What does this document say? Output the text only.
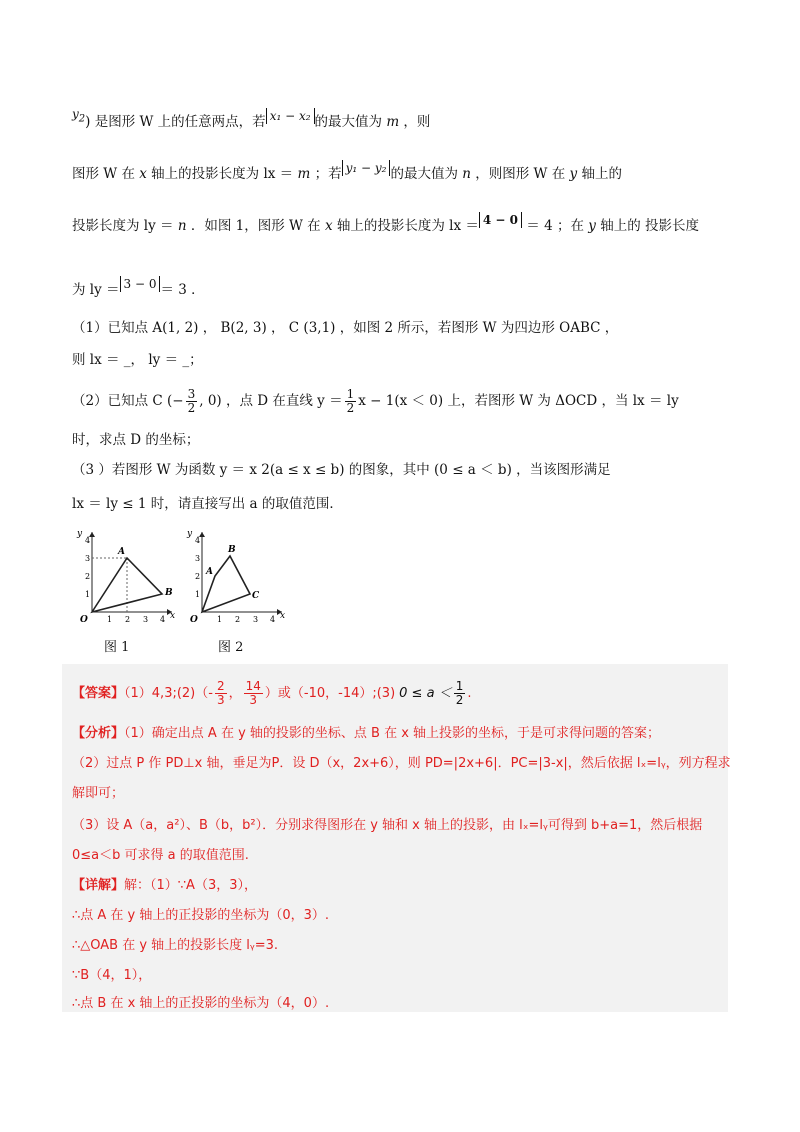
$y_2$) 是图形 W 上的任意两点，若 x₁ − x₂ 的最大值为 m ，则
图形 W 在 x 轴上的投影长度为 lx ＝ m ；若 y₁ − y₂ 的最大值为 n ，则图形 W 在 y 轴上的
投影长度为 ly ＝ n ．如图 1，图形 W 在 x 轴上的投影长度为 lx ＝ 4 − 0 ＝ 4 ；在 y 轴上的 投影长度
为 ly ＝ 3 − 0 ＝ 3 ．
（1）已知点 A(1, 2) ， B(2, 3) ， C (3,1) ，如图 2 所示，若图形 W 为四边形 OABC ，
则 lx ＝ _， ly ＝ _；
（2）已知点 C (− $\frac{3}{2}$ , 0) ，点 D 在直线 $y = \frac{1}{2}$ x − 1(x ＜ 0) 上，若图形 W 为 ΔOCD ，当 lx ＝ ly
时，求点 D 的坐标；
（3 ）若图形 W 为函数 y ＝ x 2(a ≤ x ≤ b) 的图象，其中 (0 ≤ a ＜ b) ，当该图形满足
lx ＝ ly ≤ 1 时，请直接写出 a 的取值范围．
y
x
O
A
B
1 2 3 4
1
2
3
4
y
x
O
A
B
C
1 2 3 4
1
2
3
4
图 1	图 2
【答案】（1）4,3;(2)（- $\frac{2}{3}$ ， $\frac{14}{3}$ ）或（-10，-14）;(3) $0 \le a < \frac{1}{2}$ .
【分析】（1）确定出点 A 在 y 轴的投影的坐标、点 B 在 x 轴上投影的坐标，于是可求得问题的答案；
（2）过点 P 作 PD⊥x 轴，垂足为P．设 D（x，2x+6），则 PD=|2x+6|．PC=|3-x|，然后依据 lₓ=lᵧ，列方程求
解即可；
（3）设 A（a，a²）、B（b，b²）．分别求得图形在 y 轴和 x 轴上的投影，由 lₓ=lᵧ可得到 b+a=1，然后根据
0≤a＜b 可求得 a 的取值范围.
【详解】解：（1）∵A（3，3），
∴点 A 在 y 轴上的正投影的坐标为（0，3）.
∴△OAB 在 y 轴上的投影长度 lᵧ=3.
∵B（4，1），
∴点 B 在 x 轴上的正投影的坐标为（4，0）.
